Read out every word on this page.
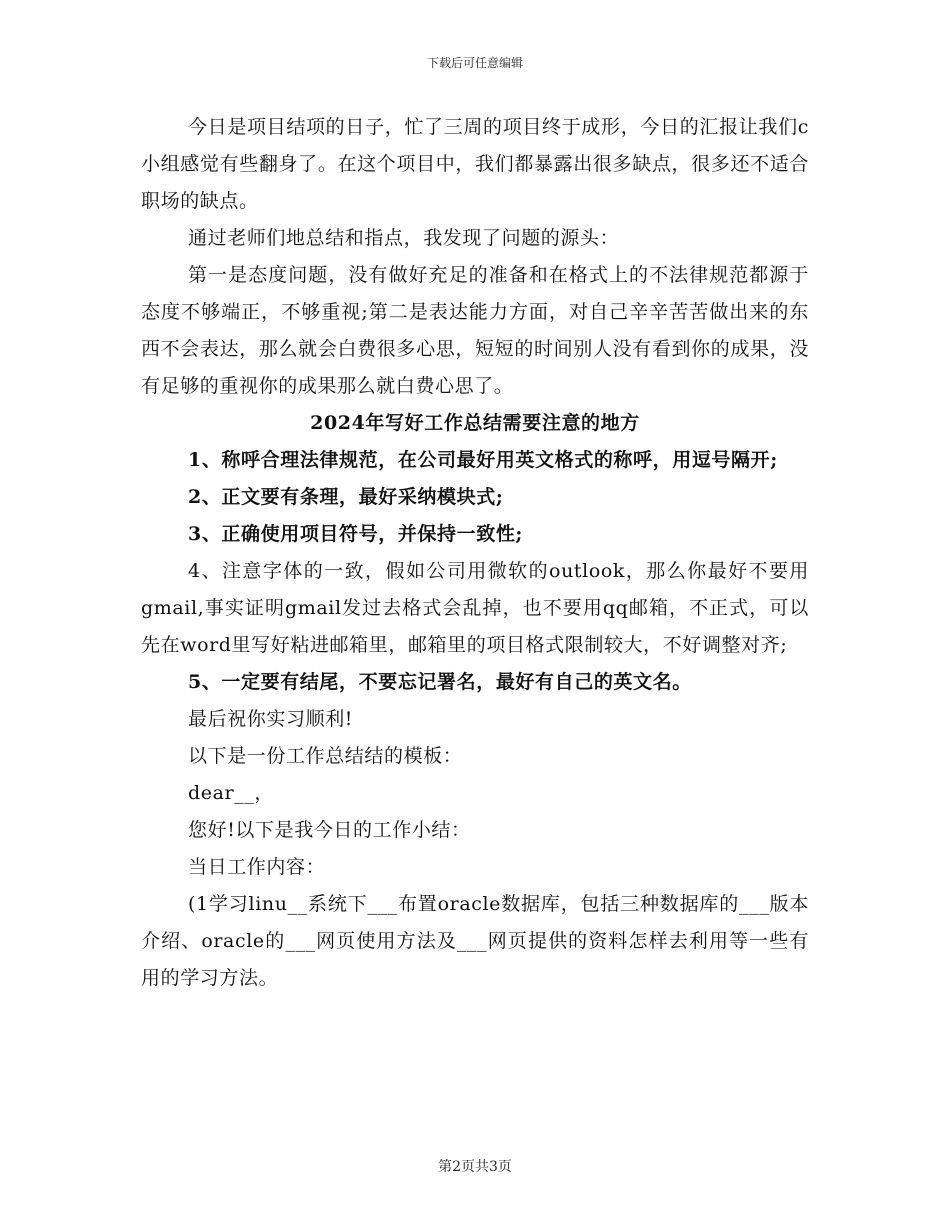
下载后可任意编辑

今日是项目结项的日子，忙了三周的项目终于成形，今日的汇报让我们c小组感觉有些翻身了。在这个项目中，我们都暴露出很多缺点，很多还不适合职场的缺点。

通过老师们地总结和指点，我发现了问题的源头：

第一是态度问题，没有做好充足的准备和在格式上的不法律规范都源于态度不够端正，不够重视;第二是表达能力方面，对自己辛辛苦苦做出来的东西不会表达，那么就会白费很多心思，短短的时间别人没有看到你的成果，没有足够的重视你的成果那么就白费心思了。

2024年写好工作总结需要注意的地方

1、称呼合理法律规范，在公司最好用英文格式的称呼，用逗号隔开;

2、正文要有条理，最好采纳模块式;

3、正确使用项目符号，并保持一致性;

4、注意字体的一致，假如公司用微软的outlook，那么你最好不要用gmail,事实证明gmail发过去格式会乱掉，也不要用qq邮箱，不正式，可以先在word里写好粘进邮箱里，邮箱里的项目格式限制较大，不好调整对齐;

5、一定要有结尾，不要忘记署名，最好有自己的英文名。

最后祝你实习顺利!

以下是一份工作总结结的模板：

dear__，

您好!以下是我今日的工作小结：

当日工作内容：

(1学习linu__系统下___布置oracle数据库，包括三种数据库的___版本介绍、oracle的___网页使用方法及___网页提供的资料怎样去利用等一些有用的学习方法。

第2页共3页
